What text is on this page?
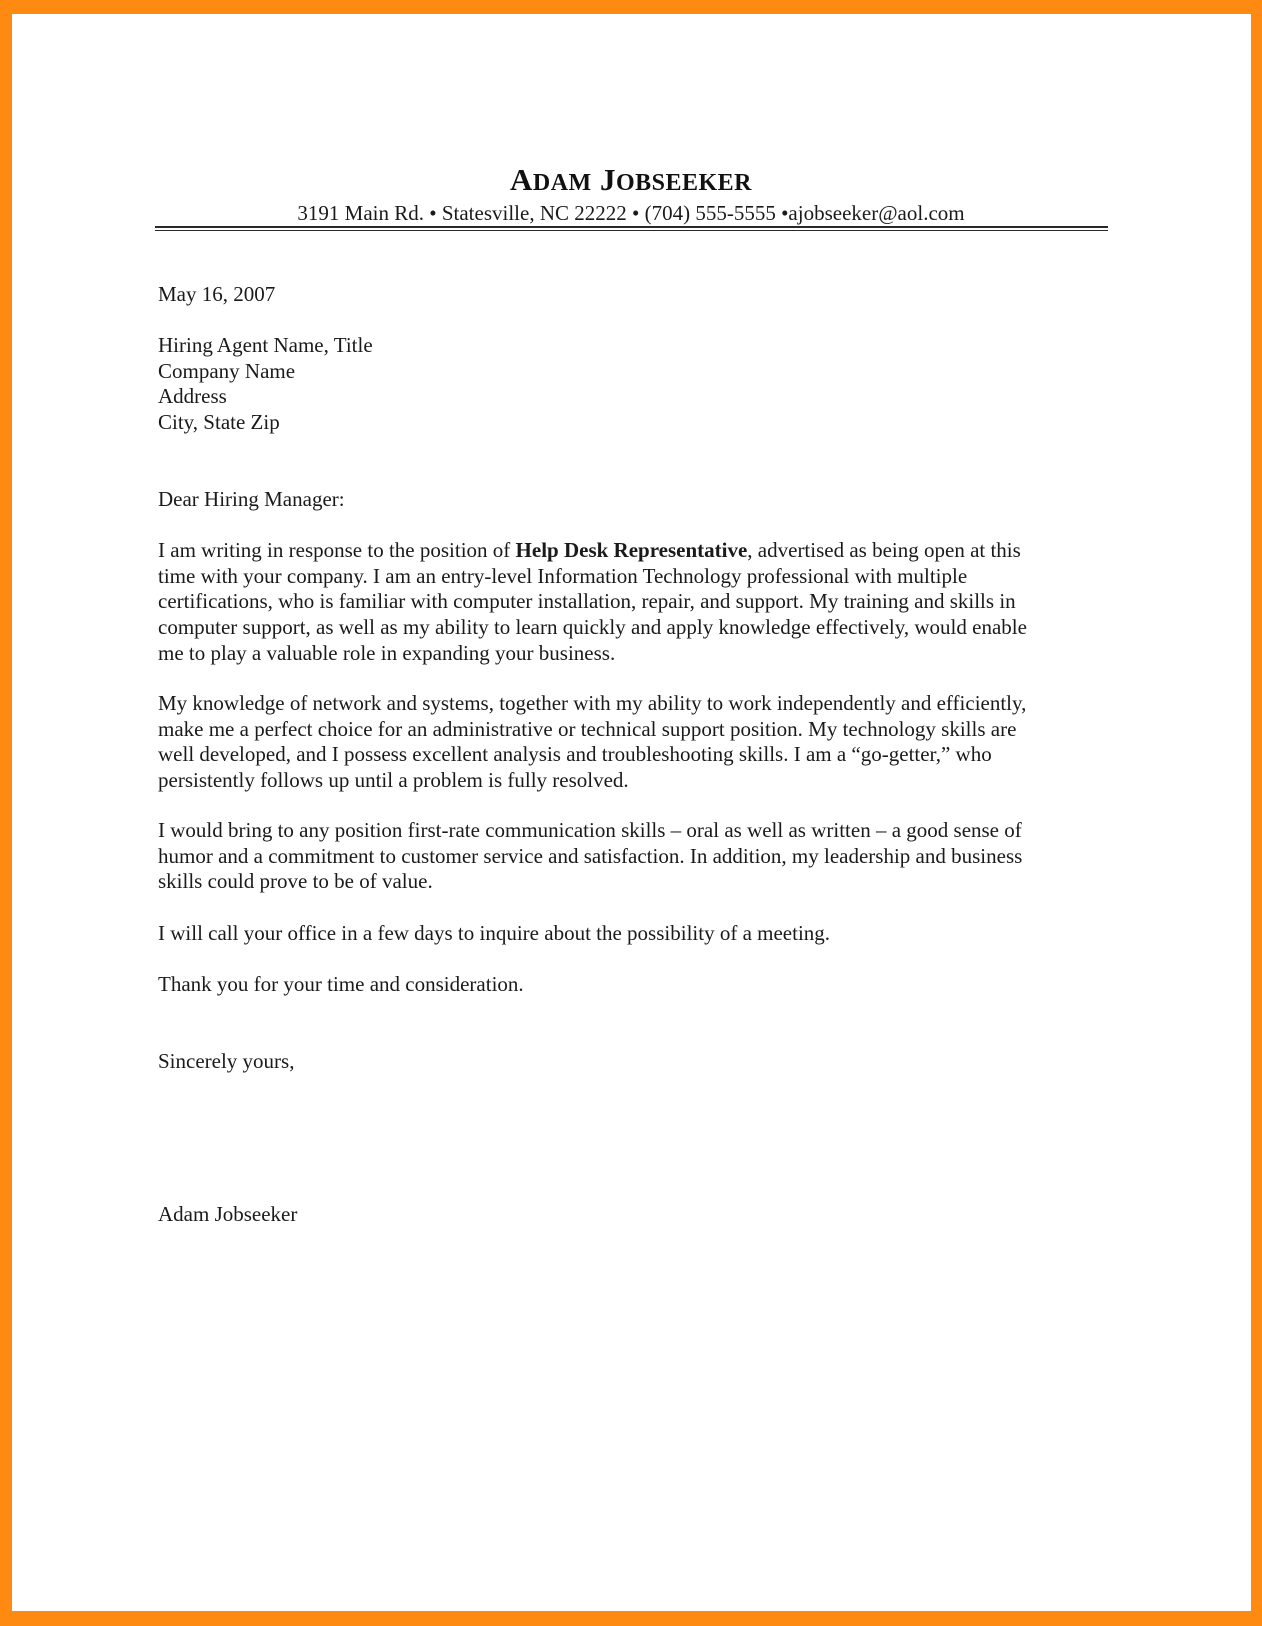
ADAM JOBSEEKER
3191 Main Rd. • Statesville, NC 22222 • (704) 555-5555 •ajobseeker@aol.com
May 16, 2007
Hiring Agent Name, Title
Company Name
Address
City, State Zip
Dear Hiring Manager:
I am writing in response to the position of Help Desk Representative, advertised as being open at this
time with your company. I am an entry-level Information Technology professional with multiple
certifications, who is familiar with computer installation, repair, and support. My training and skills in
computer support, as well as my ability to learn quickly and apply knowledge effectively, would enable
me to play a valuable role in expanding your business.
My knowledge of network and systems, together with my ability to work independently and efficiently,
make me a perfect choice for an administrative or technical support position. My technology skills are
well developed, and I possess excellent analysis and troubleshooting skills. I am a “go-getter,” who
persistently follows up until a problem is fully resolved.
I would bring to any position first-rate communication skills – oral as well as written – a good sense of
humor and a commitment to customer service and satisfaction. In addition, my leadership and business
skills could prove to be of value.
I will call your office in a few days to inquire about the possibility of a meeting.
Thank you for your time and consideration.
Sincerely yours,
Adam Jobseeker
